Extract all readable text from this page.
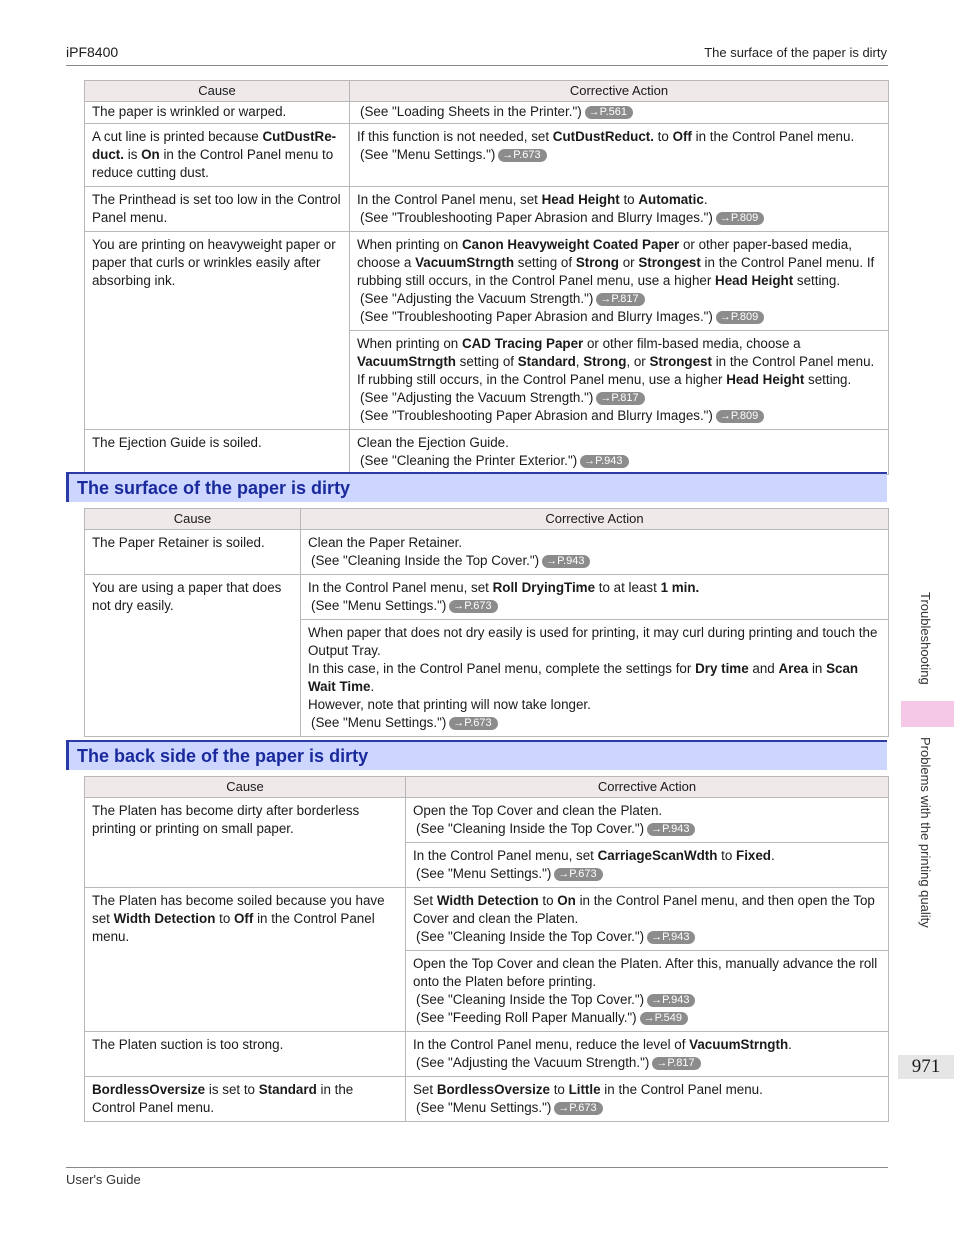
iPF8400	The surface of the paper is dirty
Cause	Corrective Action
The paper is wrinkled or warped.	(See "Loading Sheets in the Printer.") →P.561

A cut line is printed because CutDustReduct. is On in the Control Panel menu to reduce cutting dust.	If this function is not needed, set CutDustReduct. to Off in the Control Panel menu.
(See "Menu Settings.") →P.673

The Printhead is set too low in the Control Panel menu.	In the Control Panel menu, set Head Height to Automatic.
(See "Troubleshooting Paper Abrasion and Blurry Images.") →P.809

You are printing on heavyweight paper or paper that curls or wrinkles easily after absorbing ink.	When printing on Canon Heavyweight Coated Paper or other paper-based media, choose a VacuumStrngth setting of Strong or Strongest in the Control Panel menu. If rubbing still occurs, in the Control Panel menu, use a higher Head Height setting.
(See "Adjusting the Vacuum Strength.") →P.817
(See "Troubleshooting Paper Abrasion and Blurry Images.") →P.809

	When printing on CAD Tracing Paper or other film-based media, choose a VacuumStrngth setting of Standard, Strong, or Strongest in the Control Panel menu. If rubbing still occurs, in the Control Panel menu, use a higher Head Height setting.
(See "Adjusting the Vacuum Strength.") →P.817
(See "Troubleshooting Paper Abrasion and Blurry Images.") →P.809

The Ejection Guide is soiled.	Clean the Ejection Guide.
(See "Cleaning the Printer Exterior.") →P.943
The surface of the paper is dirty
Cause	Corrective Action
The Paper Retainer is soiled.	Clean the Paper Retainer.
(See "Cleaning Inside the Top Cover.") →P.943

You are using a paper that does not dry easily.	In the Control Panel menu, set Roll DryingTime to at least 1 min.
(See "Menu Settings.") →P.673

	When paper that does not dry easily is used for printing, it may curl during printing and touch the Output Tray.
In this case, in the Control Panel menu, complete the settings for Dry time and Area in Scan Wait Time.
However, note that printing will now take longer.
(See "Menu Settings.") →P.673
The back side of the paper is dirty
Cause	Corrective Action
The Platen has become dirty after borderless printing or printing on small paper.	Open the Top Cover and clean the Platen.
(See "Cleaning Inside the Top Cover.") →P.943

	In the Control Panel menu, set CarriageScanWdth to Fixed.
(See "Menu Settings.") →P.673

The Platen has become soiled because you have set Width Detection to Off in the Control Panel menu.	Set Width Detection to On in the Control Panel menu, and then open the Top Cover and clean the Platen.
(See "Cleaning Inside the Top Cover.") →P.943

	Open the Top Cover and clean the Platen. After this, manually advance the roll onto the Platen before printing.
(See "Cleaning Inside the Top Cover.") →P.943
(See "Feeding Roll Paper Manually.") →P.549

The Platen suction is too strong.	In the Control Panel menu, reduce the level of VacuumStrngth.
(See "Adjusting the Vacuum Strength.") →P.817

BordlessOversize is set to Standard in the Control Panel menu.	Set BordlessOversize to Little in the Control Panel menu.
(See "Menu Settings.") →P.673
Troubleshooting
Problems with the printing quality
971
User's Guide
